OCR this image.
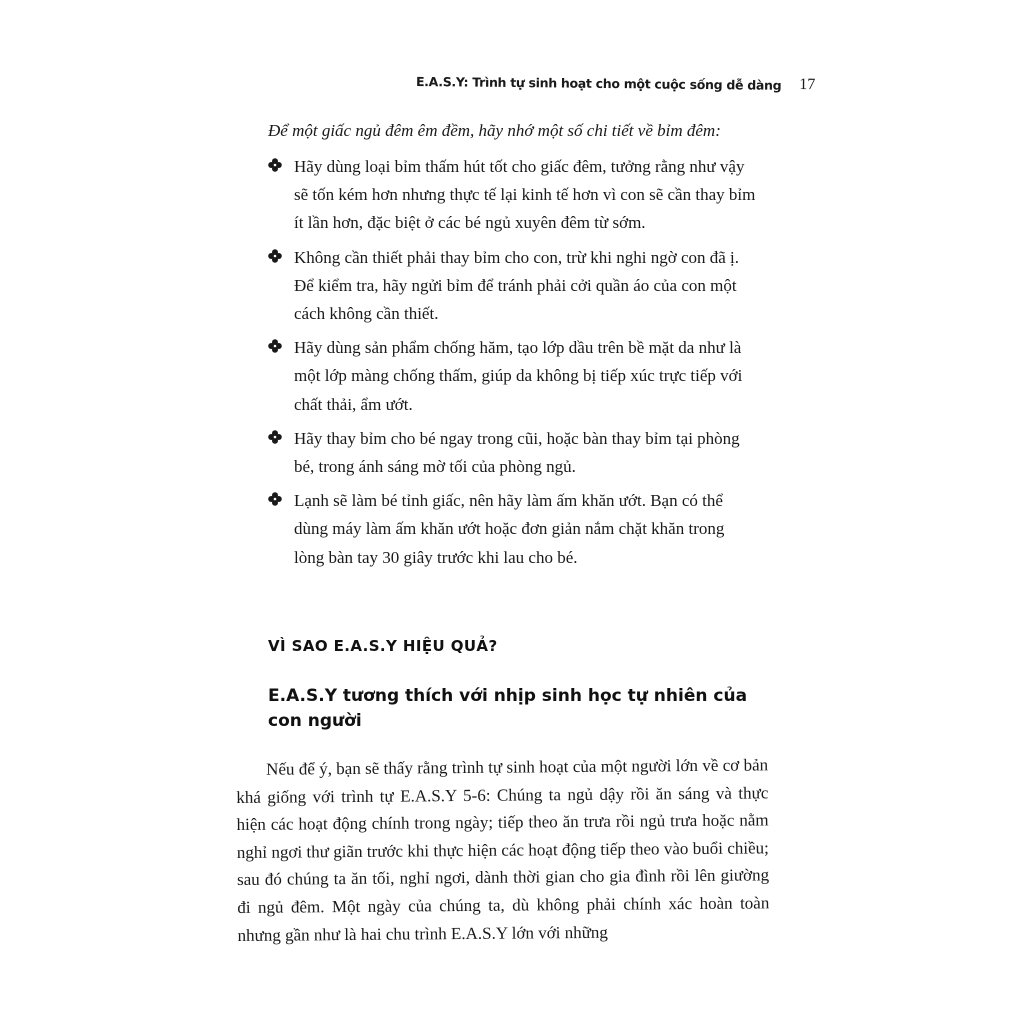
E.A.S.Y: Trình tự sinh hoạt cho một cuộc sống dễ dàng 17

Để một giấc ngủ đêm êm đềm, hãy nhớ một số chi tiết về bỉm đêm:

Hãy dùng loại bỉm thấm hút tốt cho giấc đêm, tưởng rằng như vậy sẽ tốn kém hơn nhưng thực tế lại kinh tế hơn vì con sẽ cần thay bỉm ít lần hơn, đặc biệt ở các bé ngủ xuyên đêm từ sớm.
Không cần thiết phải thay bỉm cho con, trừ khi nghi ngờ con đã ị. Để kiểm tra, hãy ngửi bỉm để tránh phải cởi quần áo của con một cách không cần thiết.
Hãy dùng sản phẩm chống hăm, tạo lớp dầu trên bề mặt da như là một lớp màng chống thấm, giúp da không bị tiếp xúc trực tiếp với chất thải, ẩm ướt.
Hãy thay bỉm cho bé ngay trong cũi, hoặc bàn thay bỉm tại phòng bé, trong ánh sáng mờ tối của phòng ngủ.
Lạnh sẽ làm bé tỉnh giấc, nên hãy làm ấm khăn ướt. Bạn có thể dùng máy làm ấm khăn ướt hoặc đơn giản nắm chặt khăn trong lòng bàn tay 30 giây trước khi lau cho bé.
VÌ SAO E.A.S.Y HIỆU QUẢ?
E.A.S.Y tương thích với nhịp sinh học tự nhiên của con người

Nếu để ý, bạn sẽ thấy rằng trình tự sinh hoạt của một người lớn về cơ bản khá giống với trình tự E.A.S.Y 5-6: Chúng ta ngủ dậy rồi ăn sáng và thực hiện các hoạt động chính trong ngày; tiếp theo ăn trưa rồi ngủ trưa hoặc nằm nghỉ ngơi thư giãn trước khi thực hiện các hoạt động tiếp theo vào buổi chiều; sau đó chúng ta ăn tối, nghỉ ngơi, dành thời gian cho gia đình rồi lên giường đi ngủ đêm. Một ngày của chúng ta, dù không phải chính xác hoàn toàn nhưng gần như là hai chu trình E.A.S.Y lớn với những
